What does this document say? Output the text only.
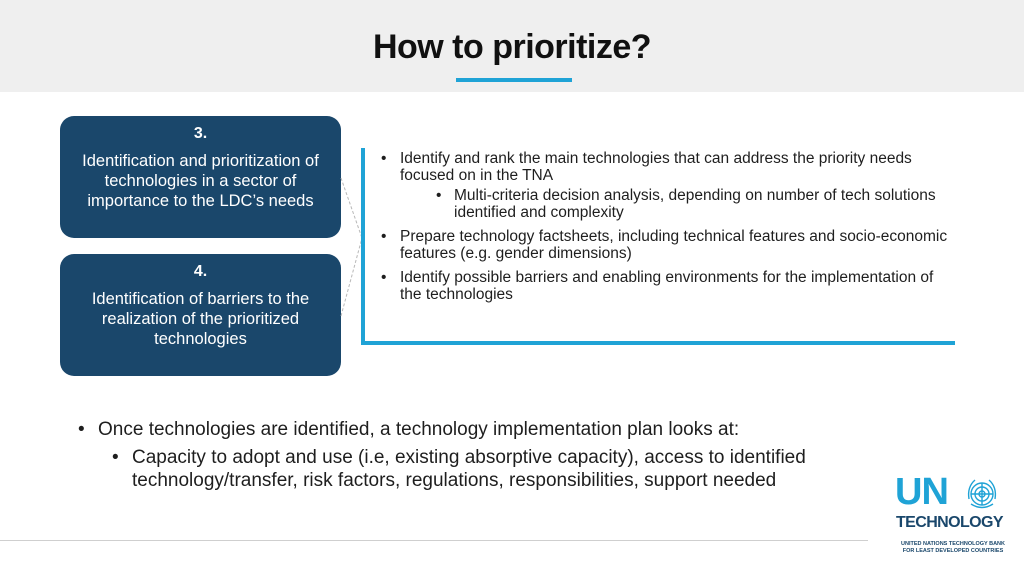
How to prioritize?
3.
Identification and prioritization of technologies in a sector of importance to the LDC’s needs
4.
Identification of barriers to the realization of the prioritized technologies
• Identify and rank the main technologies that can address the priority needs focused on in the TNA
• Multi-criteria decision analysis, depending on number of tech solutions identified and complexity
• Prepare technology factsheets, including technical features and socio-economic features (e.g. gender dimensions)
• Identify possible barriers and enabling environments for the implementation of the technologies
• Once technologies are identified, a technology implementation plan looks at:
• Capacity to adopt and use (i.e, existing absorptive capacity), access to identified technology/transfer, risk factors, regulations, responsibilities, support needed	UN
TECHNOLOGY
UNITED NATIONS TECHNOLOGY BANK
FOR LEAST DEVELOPED COUNTRIES
